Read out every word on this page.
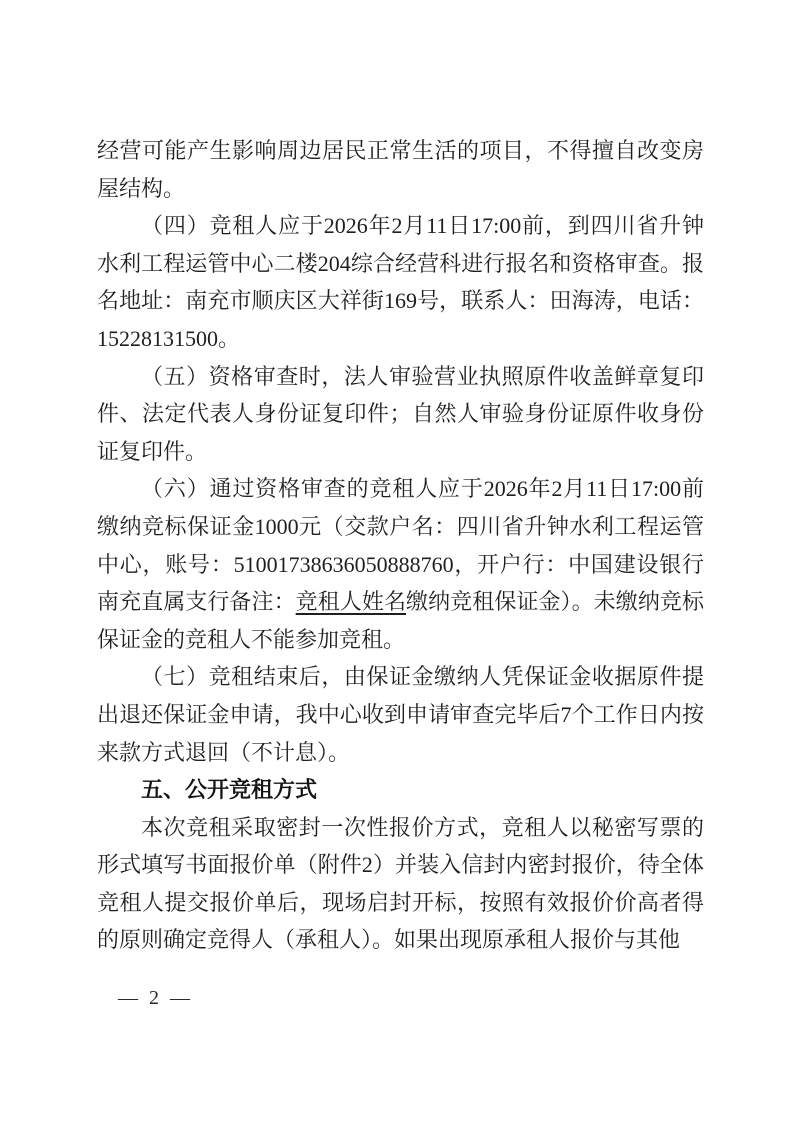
经营可能产生影响周边居民正常生活的项目，不得擅自改变房屋结构。

（四）竞租人应于2026年2月11日17:00前，到四川省升钟水利工程运管中心二楼204综合经营科进行报名和资格审查。报名地址：南充市顺庆区大祥街169号，联系人：田海涛，电话：15228131500。

（五）资格审查时，法人审验营业执照原件收盖鲜章复印件、法定代表人身份证复印件；自然人审验身份证原件收身份证复印件。

（六）通过资格审查的竞租人应于2026年2月11日17:00前缴纳竞标保证金1000元（交款户名：四川省升钟水利工程运管中心，账号：51001738636050888760，开户行：中国建设银行南充直属支行备注：竞租人姓名缴纳竞租保证金）。未缴纳竞标保证金的竞租人不能参加竞租。

（七）竞租结束后，由保证金缴纳人凭保证金收据原件提出退还保证金申请，我中心收到申请审查完毕后7个工作日内按来款方式退回（不计息）。

五、公开竞租方式

本次竞租采取密封一次性报价方式，竞租人以秘密写票的形式填写书面报价单（附件2）并装入信封内密封报价，待全体竞租人提交报价单后，现场启封开标，按照有效报价价高者得的原则确定竞得人（承租人）。如果出现原承租人报价与其他

— 2 —
